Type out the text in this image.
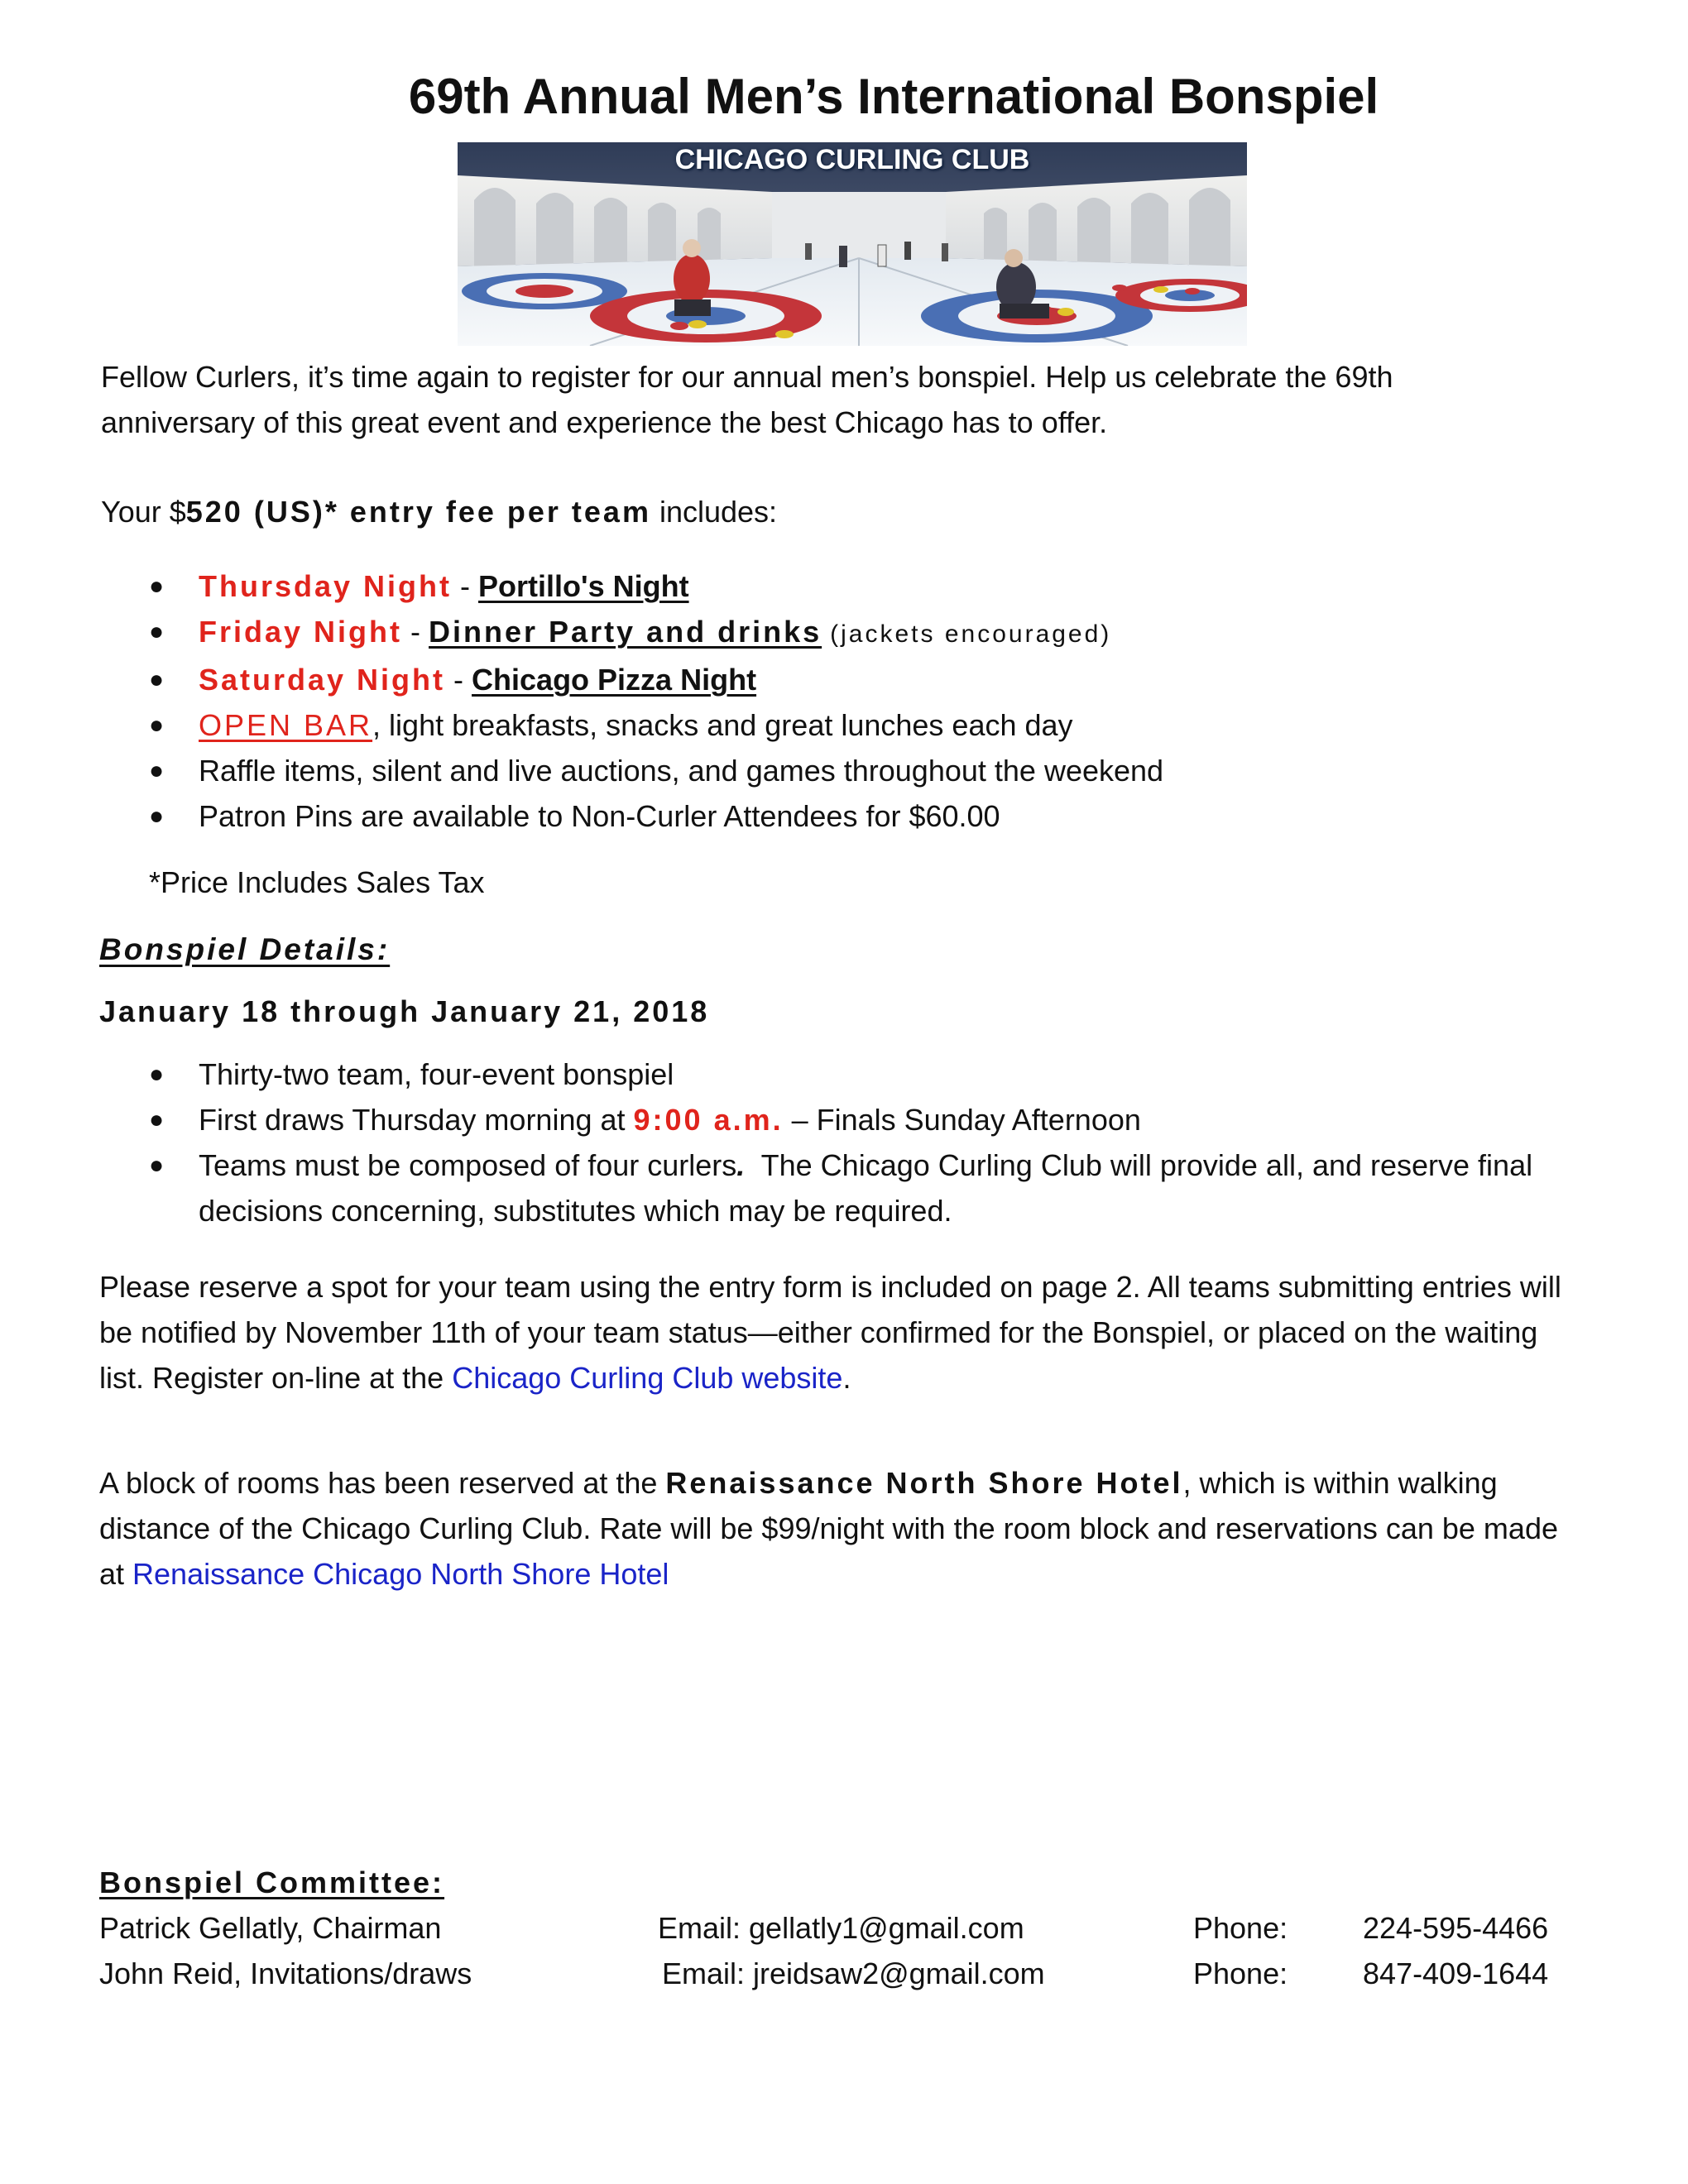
69th Annual Men’s International Bonspiel
CHICAGO CURLING CLUB
Fellow Curlers, it’s time again to register for our annual men’s bonspiel. Help us celebrate the 69th anniversary of this great event and experience the best Chicago has to offer.
Your $520 (US)* entry fee per team includes:
● Thursday Night - Portillo's Night
● Friday Night - Dinner Party and drinks (jackets encouraged)
● Saturday Night - Chicago Pizza Night
● OPEN BAR, light breakfasts, snacks and great lunches each day
● Raffle items, silent and live auctions, and games throughout the weekend
● Patron Pins are available to Non-Curler Attendees for $60.00
*Price Includes Sales Tax
Bonspiel Details:
January 18 through January 21, 2018
● Thirty-two team, four-event bonspiel
● First draws Thursday morning at 9:00 a.m. – Finals Sunday Afternoon
● Teams must be composed of four curlers.  The Chicago Curling Club will provide all, and reserve final decisions concerning, substitutes which may be required.
Please reserve a spot for your team using the entry form is included on page 2. All teams submitting entries will be notified by November 11th of your team status—either confirmed for the Bonspiel, or placed on the waiting list. Register on-line at the Chicago Curling Club website.
A block of rooms has been reserved at the Renaissance North Shore Hotel, which is within walking distance of the Chicago Curling Club. Rate will be $99/night with the room block and reservations can be made at Renaissance Chicago North Shore Hotel
Bonspiel Committee:
Patrick Gellatly, Chairman	Email: gellatly1@gmail.com	Phone:	224-595-4466
John Reid, Invitations/draws	Email: jreidsaw2@gmail.com	Phone:	847-409-1644
